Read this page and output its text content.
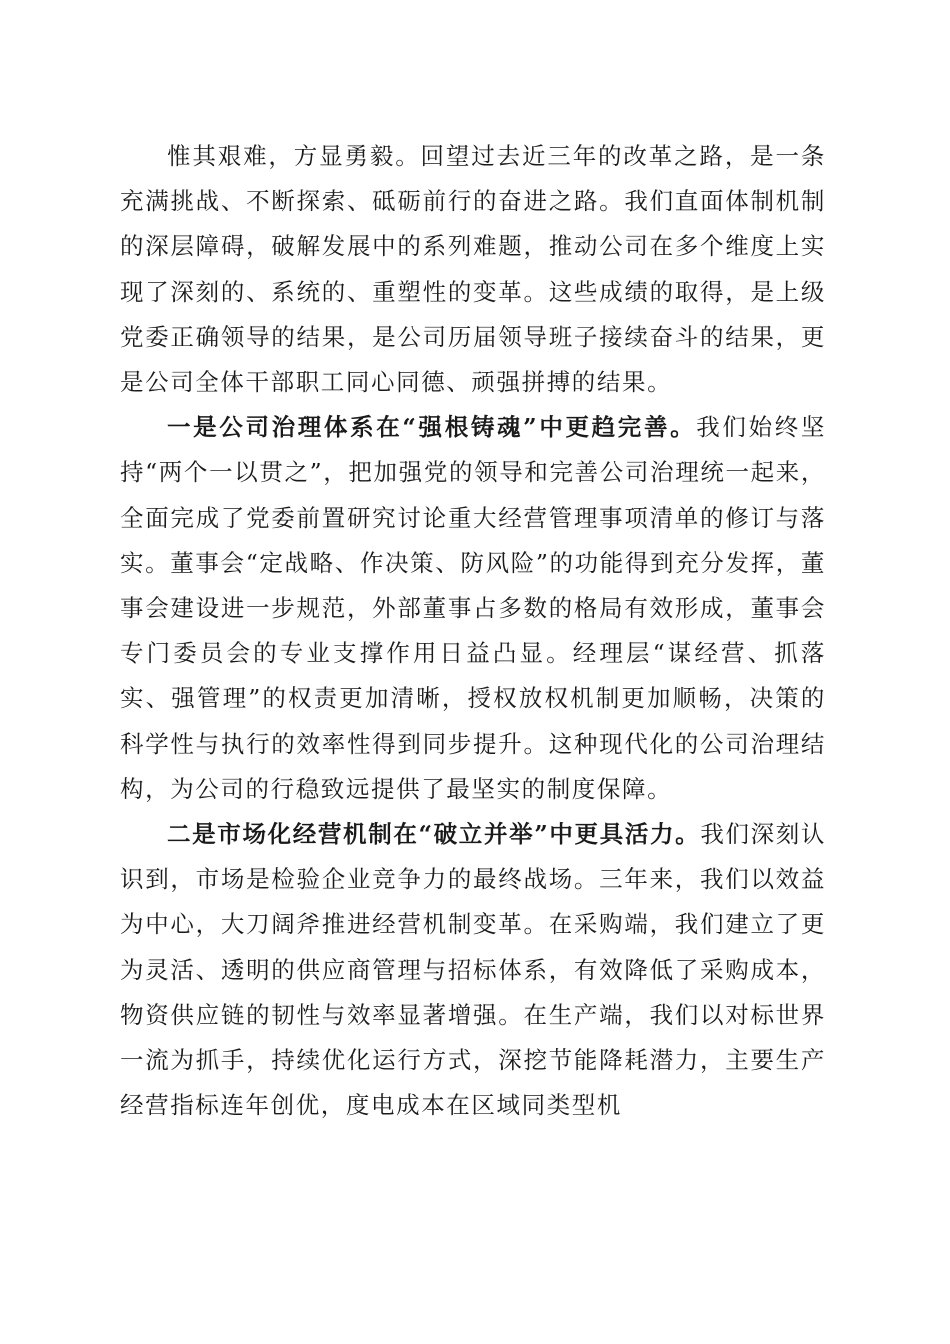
惟其艰难，方显勇毅。回望过去近三年的改革之路，是一条充满挑战、不断探索、砥砺前行的奋进之路。我们直面体制机制的深层障碍，破解发展中的系列难题，推动公司在多个维度上实现了深刻的、系统的、重塑性的变革。这些成绩的取得，是上级党委正确领导的结果，是公司历届领导班子接续奋斗的结果，更是公司全体干部职工同心同德、顽强拼搏的结果。

一是公司治理体系在“强根铸魂”中更趋完善。我们始终坚持“两个一以贯之”，把加强党的领导和完善公司治理统一起来，全面完成了党委前置研究讨论重大经营管理事项清单的修订与落实。董事会“定战略、作决策、防风险”的功能得到充分发挥，董事会建设进一步规范，外部董事占多数的格局有效形成，董事会专门委员会的专业支撑作用日益凸显。经理层“谋经营、抓落实、强管理”的权责更加清晰，授权放权机制更加顺畅，决策的科学性与执行的效率性得到同步提升。这种现代化的公司治理结构，为公司的行稳致远提供了最坚实的制度保障。

二是市场化经营机制在“破立并举”中更具活力。我们深刻认识到，市场是检验企业竞争力的最终战场。三年来，我们以效益为中心，大刀阔斧推进经营机制变革。在采购端，我们建立了更为灵活、透明的供应商管理与招标体系，有效降低了采购成本，物资供应链的韧性与效率显著增强。在生产端，我们以对标世界一流为抓手，持续优化运行方式，深挖节能降耗潜力，主要生产经营指标连年创优，度电成本在区域同类型机
